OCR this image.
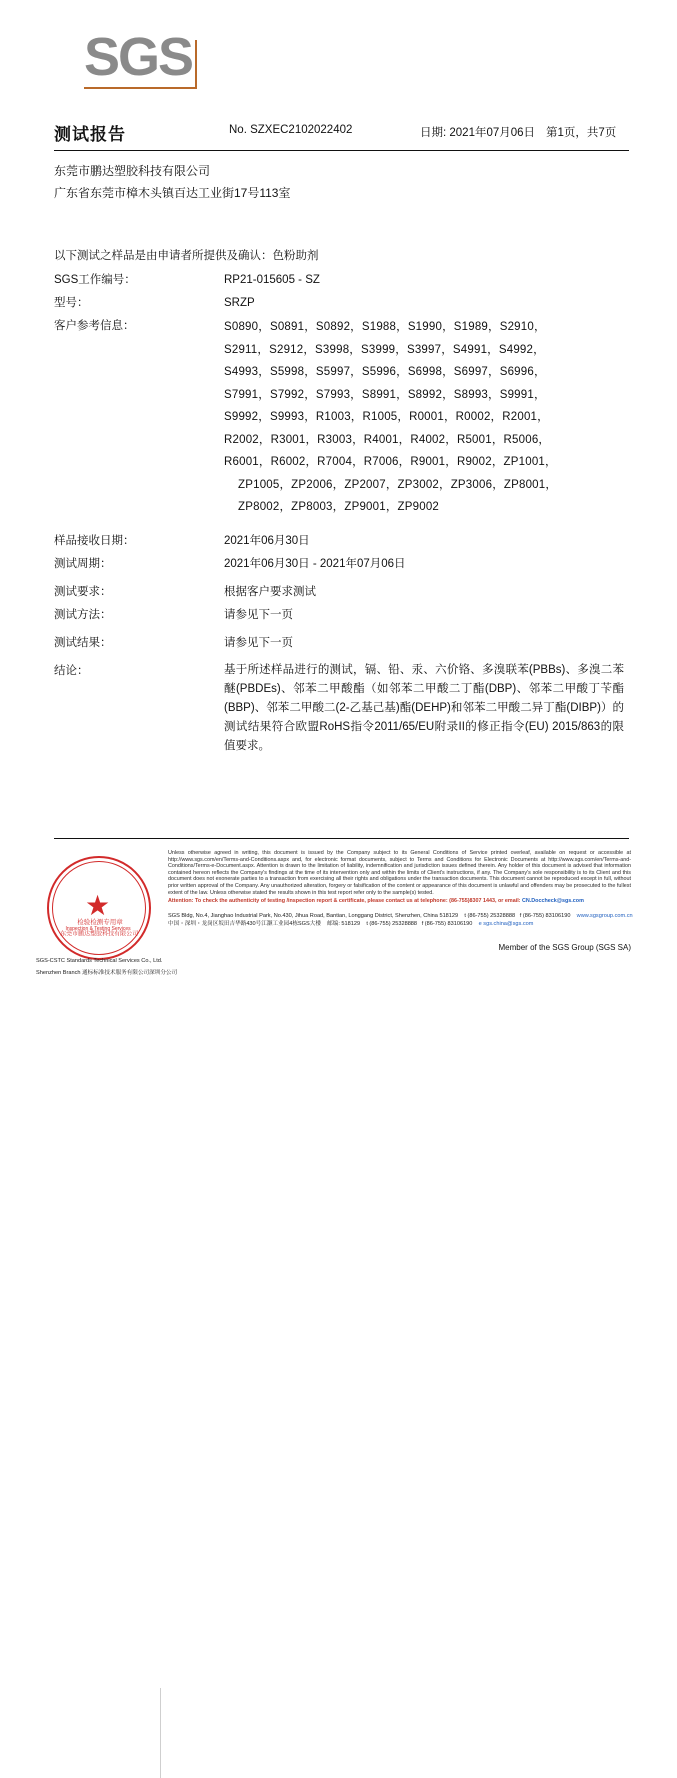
SGS
测试报告	No. SZXEC2102022402	日期: 2021年07月06日 第1页，共7页
东莞市鹏达塑胶科技有限公司
广东省东莞市樟木头镇百达工业街17号113室
以下测试之样品是由申请者所提供及确认：色粉助剂
SGS工作编号：	RP21-015605 - SZ
型号：	SRZP
客户参考信息：	S0890，S0891，S0892，S1988，S1990，S1989，S2910，
S2911，S2912，S3998，S3999，S3997，S4991，S4992，
S4993，S5998，S5997，S5996，S6998，S6997，S6996，
S7991，S7992，S7993，S8991，S8992，S8993，S9991，
S9992，S9993，R1003，R1005，R0001，R0002，R2001，
R2002，R3001，R3003，R4001，R4002，R5001，R5006，
R6001，R6002，R7004，R7006，R9001，R9002，ZP1001，
ZP1005，ZP2006，ZP2007，ZP3002，ZP3006，ZP8001，
ZP8002，ZP8003，ZP9001，ZP9002
样品接收日期：	2021年06月30日
测试周期：	2021年06月30日 - 2021年07月06日
测试要求：	根据客户要求测试
测试方法：	请参见下一页
测试结果：	请参见下一页
结论：	基于所述样品进行的测试，镉、铅、汞、六价铬、多溴联苯(PBBs)、多溴二苯醚(PBDEs)、邻苯二甲酸酯（如邻苯二甲酸二丁酯(DBP)、邻苯二甲酸丁苄酯(BBP)、邻苯二甲酸二(2-乙基己基)酯(DEHP)和邻苯二甲酸二异丁酯(DIBP)）的测试结果符合欧盟RoHS指令2011/65/EU附录II的修正指令(EU) 2015/863的限值要求。
东莞市鹏达塑胶科技有限公司
★
检验检测专用章
Inspection & Testing Services
Unless otherwise agreed in writing, this document is issued by the Company subject to its General Conditions of Service printed overleaf, available on request or accessible at http://www.sgs.com/en/Terms-and-Conditions.aspx and, for electronic format documents, subject to Terms and Conditions for Electronic Documents at http://www.sgs.com/en/Terms-and-Conditions/Terms-e-Document.aspx. Attention is drawn to the limitation of liability, indemnification and jurisdiction issues defined therein. Any holder of this document is advised that information contained hereon reflects the Company's findings at the time of its intervention only and within the limits of Client's instructions, if any. The Company's sole responsibility is to its Client and this document does not exonerate parties to a transaction from exercising all their rights and obligations under the transaction documents. This document cannot be reproduced except in full, without prior written approval of the Company. Any unauthorized alteration, forgery or falsification of the content or appearance of this document is unlawful and offenders may be prosecuted to the fullest extent of the law. Unless otherwise stated the results shown in this test report refer only to the sample(s) tested.
Attention: To check the authenticity of testing /inspection report & certificate, please contact us at telephone: (86-755)8307 1443, or email: CN.Doccheck@sgs.com
SGS Bldg, No.4, Jianghao Industrial Park, No.430, Jihua Road, Bantian, Longgang District, Shenzhen, China 518129 t (86-755) 25328888 f (86-755) 83106190 www.sgsgroup.com.cn
中国・深圳・龙岗区坂田吉华路430号江灏工业园4栋SGS大楼 邮编: 518129 t (86-755) 25328888 f (86-755) 83106190 e sgs.china@sgs.com
SGS-CSTC Standards Technical Services Co., Ltd.
Shenzhen Branch 通标标准技术服务有限公司深圳分公司
Member of the SGS Group (SGS SA)
